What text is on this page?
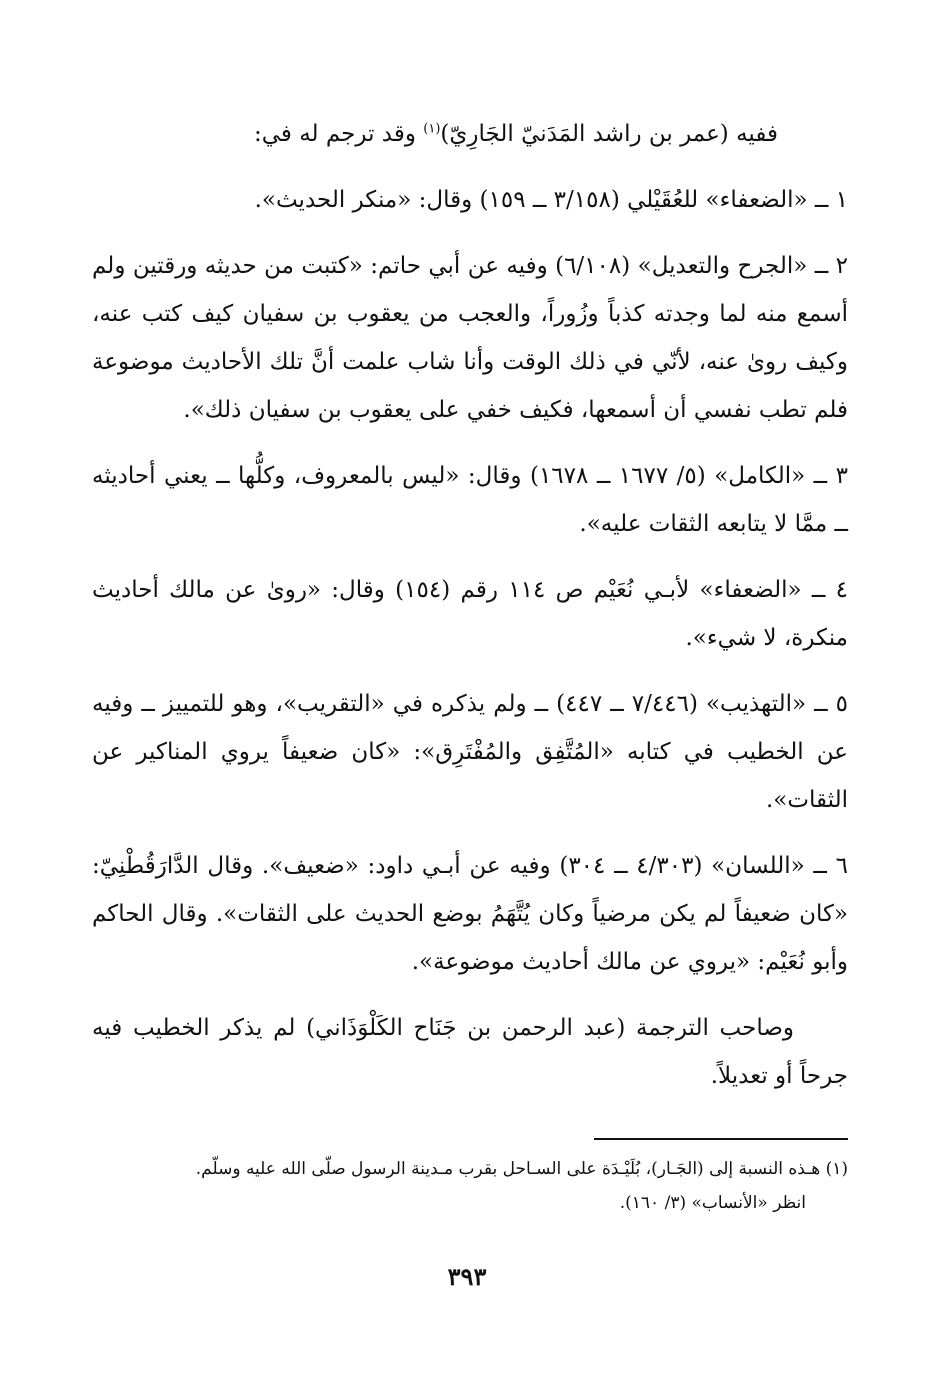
ففيه (عمر بن راشد المَدَنيّ الجَارِيّ)$^{(١)}$ وقد ترجم له في:

١ ــ «الضعفاء» للعُقَيْلي (٣/١٥٨ ــ ١٥٩) وقال: «منكر الحديث».

٢ ــ «الجرح والتعديل» (٦/١٠٨) وفيه عن أبي حاتم: «كتبت من حديثه ورقتين ولم أسمع منه لما وجدته كذباً وزُوراً، والعجب من يعقوب بن سفيان كيف كتب عنه، وكيف روىٰ عنه، لأنّي في ذلك الوقت وأنا شاب علمت أنَّ تلك الأحاديث موضوعة فلم تطب نفسي أن أسمعها، فكيف خفي على يعقوب بن سفيان ذلك».

٣ ــ «الكامل» (٥/ ١٦٧٧ ــ ١٦٧٨) وقال: «ليس بالمعروف، وكلُّها ــ يعني أحاديثه ــ ممَّا لا يتابعه الثقات عليه».

٤ ــ «الضعفاء» لأبـي نُعَيْم ص ١١٤ رقم (١٥٤) وقال: «روىٰ عن مالك أحاديث منكرة، لا شيء».

٥ ــ «التهذيب» (٧/٤٤٦ ــ ٤٤٧) ــ ولم يذكره في «التقريب»، وهو للتمييز ــ وفيه عن الخطيب في كتابه «المُتَّفِق والمُفْتَرِق»: «كان ضعيفاً يروي المناكير عن الثقات».

٦ ــ «اللسان» (٤/٣٠٣ ــ ٣٠٤) وفيه عن أبـي داود: «ضعيف». وقال الدَّارَقُطْنِيّ: «كان ضعيفاً لم يكن مرضياً وكان يُتَّهَمُ بوضع الحديث على الثقات». وقال الحاكم وأبو نُعَيْم: «يروي عن مالك أحاديث موضوعة».

وصاحب الترجمة (عبد الرحمن بن جَنَاح الكَلْوَذَاني) لم يذكر الخطيب فيه جرحاً أو تعديلاً.

(١) هـذه النسبة إلى (الجَـار)، بُلَيْـدَة على السـاحل بقرب مـدينة الرسول صلّى الله عليه وسلّم.
انظر «الأنساب» (٣/ ١٦٠).
٣٩٣
